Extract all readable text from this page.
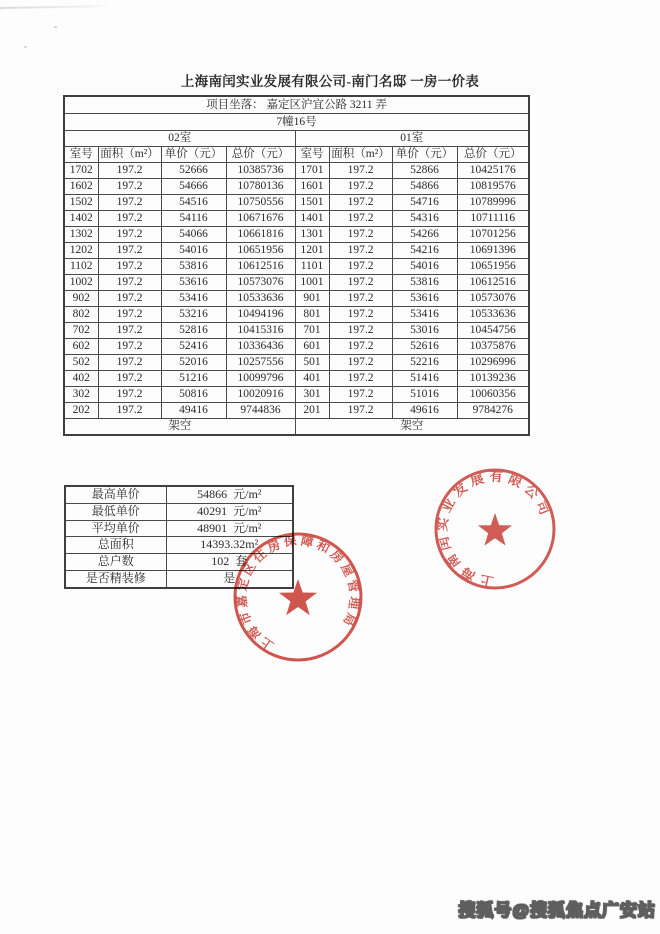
上海南闰实业发展有限公司-南门名邸 一房一价表
项目坐落： 嘉定区沪宜公路 3211 弄							
7幢16号							
02室				01室			
室号	面积（m²）	单价（元）	总价（元）	室号	面积（m²）	单价（元）	总价（元）
1702	197.2	52666	10385736	1701	197.2	52866	10425176
1602	197.2	54666	10780136	1601	197.2	54866	10819576
1502	197.2	54516	10750556	1501	197.2	54716	10789996
1402	197.2	54116	10671676	1401	197.2	54316	10711116
1302	197.2	54066	10661816	1301	197.2	54266	10701256
1202	197.2	54016	10651956	1201	197.2	54216	10691396
1102	197.2	53816	10612516	1101	197.2	54016	10651956
1002	197.2	53616	10573076	1001	197.2	53816	10612516
902	197.2	53416	10533636	901	197.2	53616	10573076
802	197.2	53216	10494196	801	197.2	53416	10533636
702	197.2	52816	10415316	701	197.2	53016	10454756
602	197.2	52416	10336436	601	197.2	52616	10375876
502	197.2	52016	10257556	501	197.2	52216	10296996
402	197.2	51216	10099796	401	197.2	51416	10139236
302	197.2	50816	10020916	301	197.2	51016	10060356
202	197.2	49416	9744836	201	197.2	49616	9784276
架空				架空			
最高单价	54866  元/m²
最低单价	40291  元/m²
平均单价	48901  元/m²
总面积	14393.32m²
总户数	102  套
是否精装修	是	上海南闰实业发展有限公司
上海市嘉定区住房保障和房屋管理局
搜狐号@搜狐焦点广安站
